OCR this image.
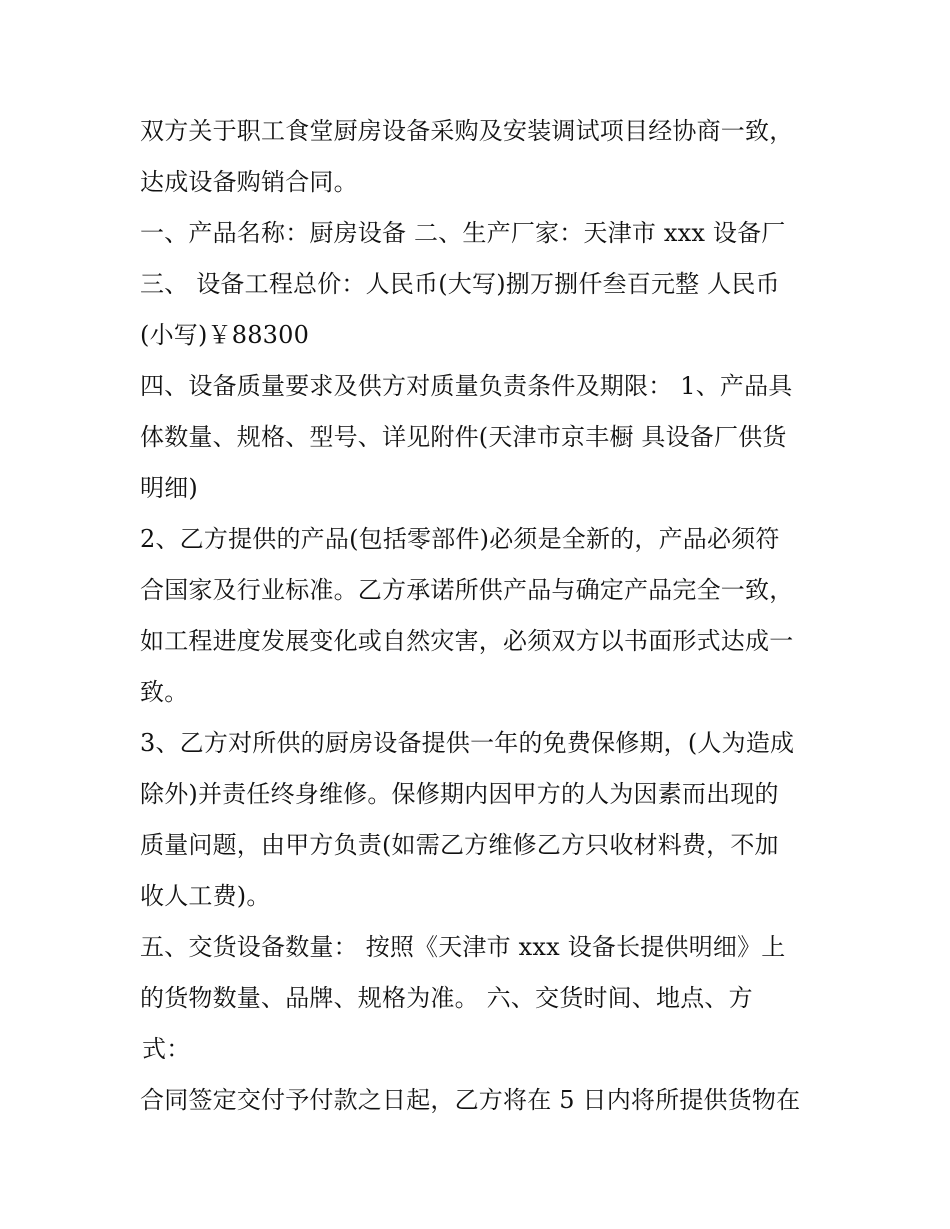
双方关于职工食堂厨房设备采购及安装调试项目经协商一致，
达成设备购销合同。
一、产品名称：厨房设备 二、生产厂家：天津市 xxx 设备厂
三、 设备工程总价：人民币(大写)捌万捌仟叁百元整 人民币
(小写)￥88300
四、设备质量要求及供方对质量负责条件及期限： 1、产品具
体数量、规格、型号、详见附件(天津市京丰橱 具设备厂供货
明细)
2、乙方提供的产品(包括零部件)必须是全新的，产品必须符
合国家及行业标准。乙方承诺所供产品与确定产品完全一致，
如工程进度发展变化或自然灾害，必须双方以书面形式达成一
致。
3、乙方对所供的厨房设备提供一年的免费保修期，(人为造成
除外)并责任终身维修。保修期内因甲方的人为因素而出现的
质量问题，由甲方负责(如需乙方维修乙方只收材料费，不加
收人工费)。
五、交货设备数量： 按照《天津市 xxx 设备长提供明细》上
的货物数量、品牌、规格为准。 六、交货时间、地点、方
式：
合同签定交付予付款之日起，乙方将在 5 日内将所提供货物在
